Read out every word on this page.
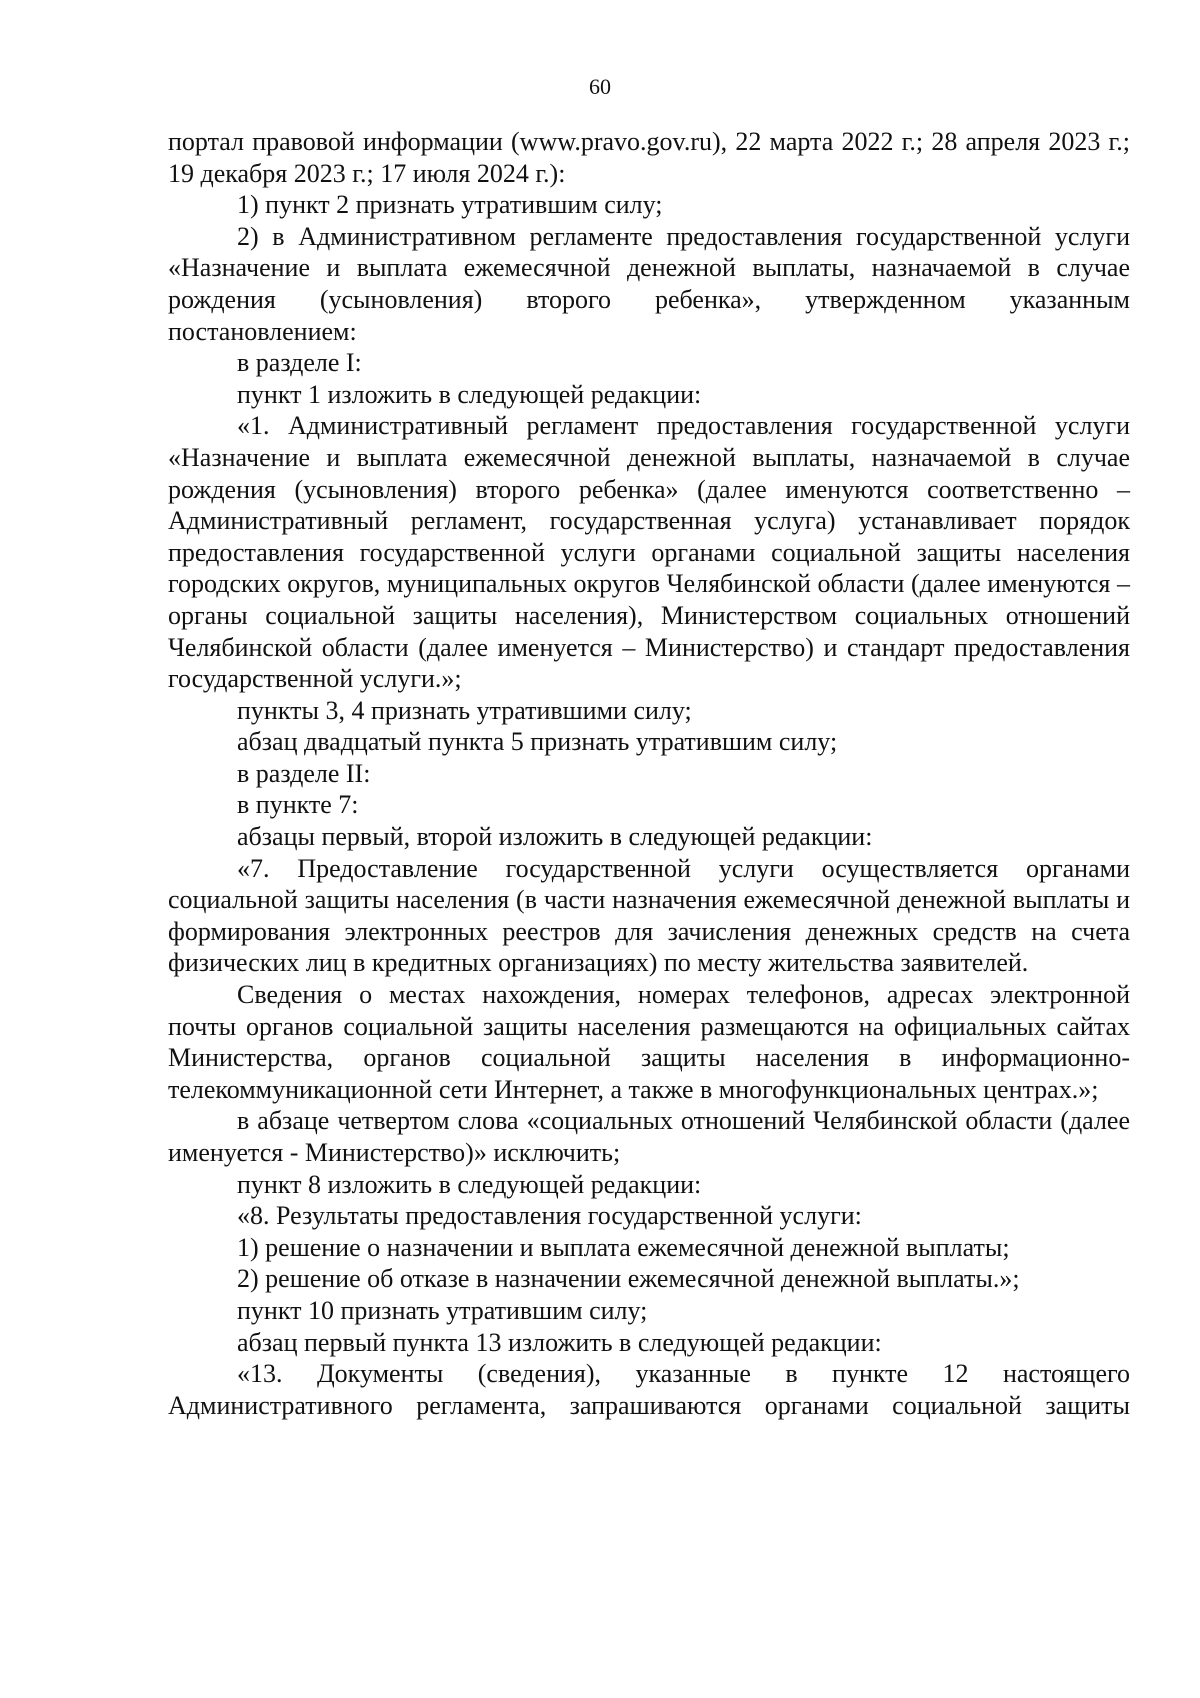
60

портал правовой информации (www.pravo.gov.ru), 22 марта 2022 г.; 28 апреля 2023 г.; 19 декабря 2023 г.; 17 июля 2024 г.):

1) пункт 2 признать утратившим силу;

2) в Административном регламенте предоставления государственной услуги «Назначение и выплата ежемесячной денежной выплаты, назначаемой в случае рождения (усыновления) второго ребенка», утвержденном указанным постановлением:

в разделе I:

пункт 1 изложить в следующей редакции:

«1. Административный регламент предоставления государственной услуги «Назначение и выплата ежемесячной денежной выплаты, назначаемой в случае рождения (усыновления) второго ребенка» (далее именуются соответственно – Административный регламент, государственная услуга) устанавливает порядок предоставления государственной услуги органами социальной защиты населения городских округов, муниципальных округов Челябинской области (далее именуются – органы социальной защиты населения), Министерством социальных отношений Челябинской области (далее именуется – Министерство) и стандарт предоставления государственной услуги.»;

пункты 3, 4 признать утратившими силу;

абзац двадцатый пункта 5 признать утратившим силу;

в разделе II:

в пункте 7:

абзацы первый, второй изложить в следующей редакции:

«7. Предоставление государственной услуги осуществляется органами социальной защиты населения (в части назначения ежемесячной денежной выплаты и формирования электронных реестров для зачисления денежных средств на счета физических лиц в кредитных организациях) по месту жительства заявителей.

Сведения о местах нахождения, номерах телефонов, адресах электронной почты органов социальной защиты населения размещаются на официальных сайтах Министерства, органов социальной защиты населения в информационно-телекоммуникационной сети Интернет, а также в многофункциональных центрах.»;

в абзаце четвертом слова «социальных отношений Челябинской области (далее именуется - Министерство)» исключить;

пункт 8 изложить в следующей редакции:

«8. Результаты предоставления государственной услуги:

1) решение о назначении и выплата ежемесячной денежной выплаты;

2) решение об отказе в назначении ежемесячной денежной выплаты.»;

пункт 10 признать утратившим силу;

абзац первый пункта 13 изложить в следующей редакции:

«13. Документы (сведения), указанные в пункте 12 настоящего Административного регламента, запрашиваются органами социальной защиты
